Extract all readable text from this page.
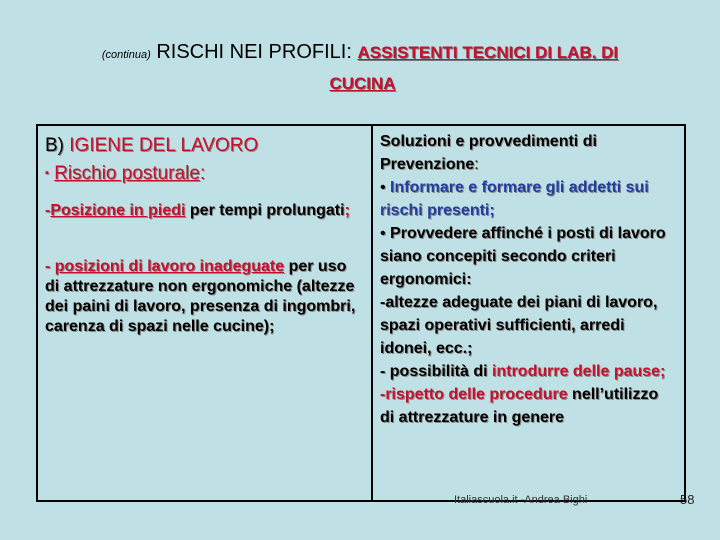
(continua) RISCHI NEI PROFILI: ASSISTENTI TECNICI DI LAB. DI
CUCINA
B) IGIENE DEL LAVORO
▪ Rischio posturale:
-Posizione in piedi per tempi prolungati;
- posizioni di lavoro inadeguate per uso di attrezzature non ergonomiche (altezze dei paini di lavoro, presenza di ingombri, carenza di spazi nelle cucine);
Soluzioni e provvedimenti di
Prevenzione:
• Informare e formare gli addetti sui rischi presenti;
• Provvedere affinché i posti di lavoro siano concepiti secondo criteri ergonomici:
-altezze adeguate dei piani di lavoro, spazi operativi sufficienti, arredi idonei, ecc.;
- possibilità di introdurre delle pause;
-rispetto delle procedure nell’utilizzo di attrezzature in genere
Italiascuola.it -Andrea Bighi	58
